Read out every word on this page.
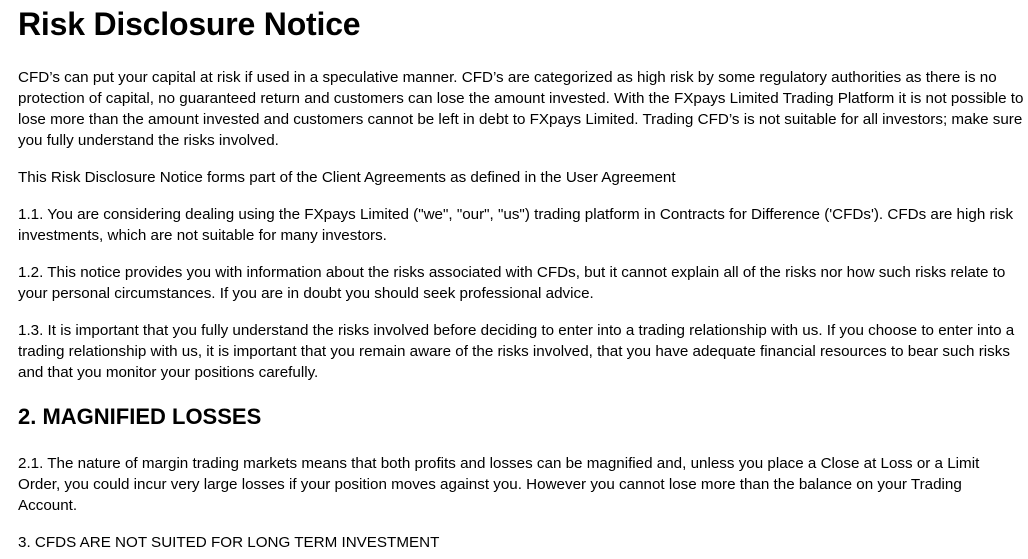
Risk Disclosure Notice

CFD’s can put your capital at risk if used in a speculative manner. CFD’s are categorized as high risk by some regulatory authorities as there is no protection of capital, no guaranteed return and customers can lose the amount invested. With the FXpays Limited Trading Platform it is not possible to lose more than the amount invested and customers cannot be left in debt to FXpays Limited. Trading CFD’s is not suitable for all investors; make sure you fully understand the risks involved.

This Risk Disclosure Notice forms part of the Client Agreements as defined in the User Agreement

1.1. You are considering dealing using the FXpays Limited ("we", "our", "us") trading platform in Contracts for Difference ('CFDs'). CFDs are high risk investments, which are not suitable for many investors.

1.2. This notice provides you with information about the risks associated with CFDs, but it cannot explain all of the risks nor how such risks relate to your personal circumstances. If you are in doubt you should seek professional advice.

1.3. It is important that you fully understand the risks involved before deciding to enter into a trading relationship with us. If you choose to enter into a trading relationship with us, it is important that you remain aware of the risks involved, that you have adequate financial resources to bear such risks and that you monitor your positions carefully.

2. MAGNIFIED LOSSES

2.1. The nature of margin trading markets means that both profits and losses can be magnified and, unless you place a Close at Loss or a Limit Order, you could incur very large losses if your position moves against you. However you cannot lose more than the balance on your Trading Account.

3. CFDS ARE NOT SUITED FOR LONG TERM INVESTMENT
